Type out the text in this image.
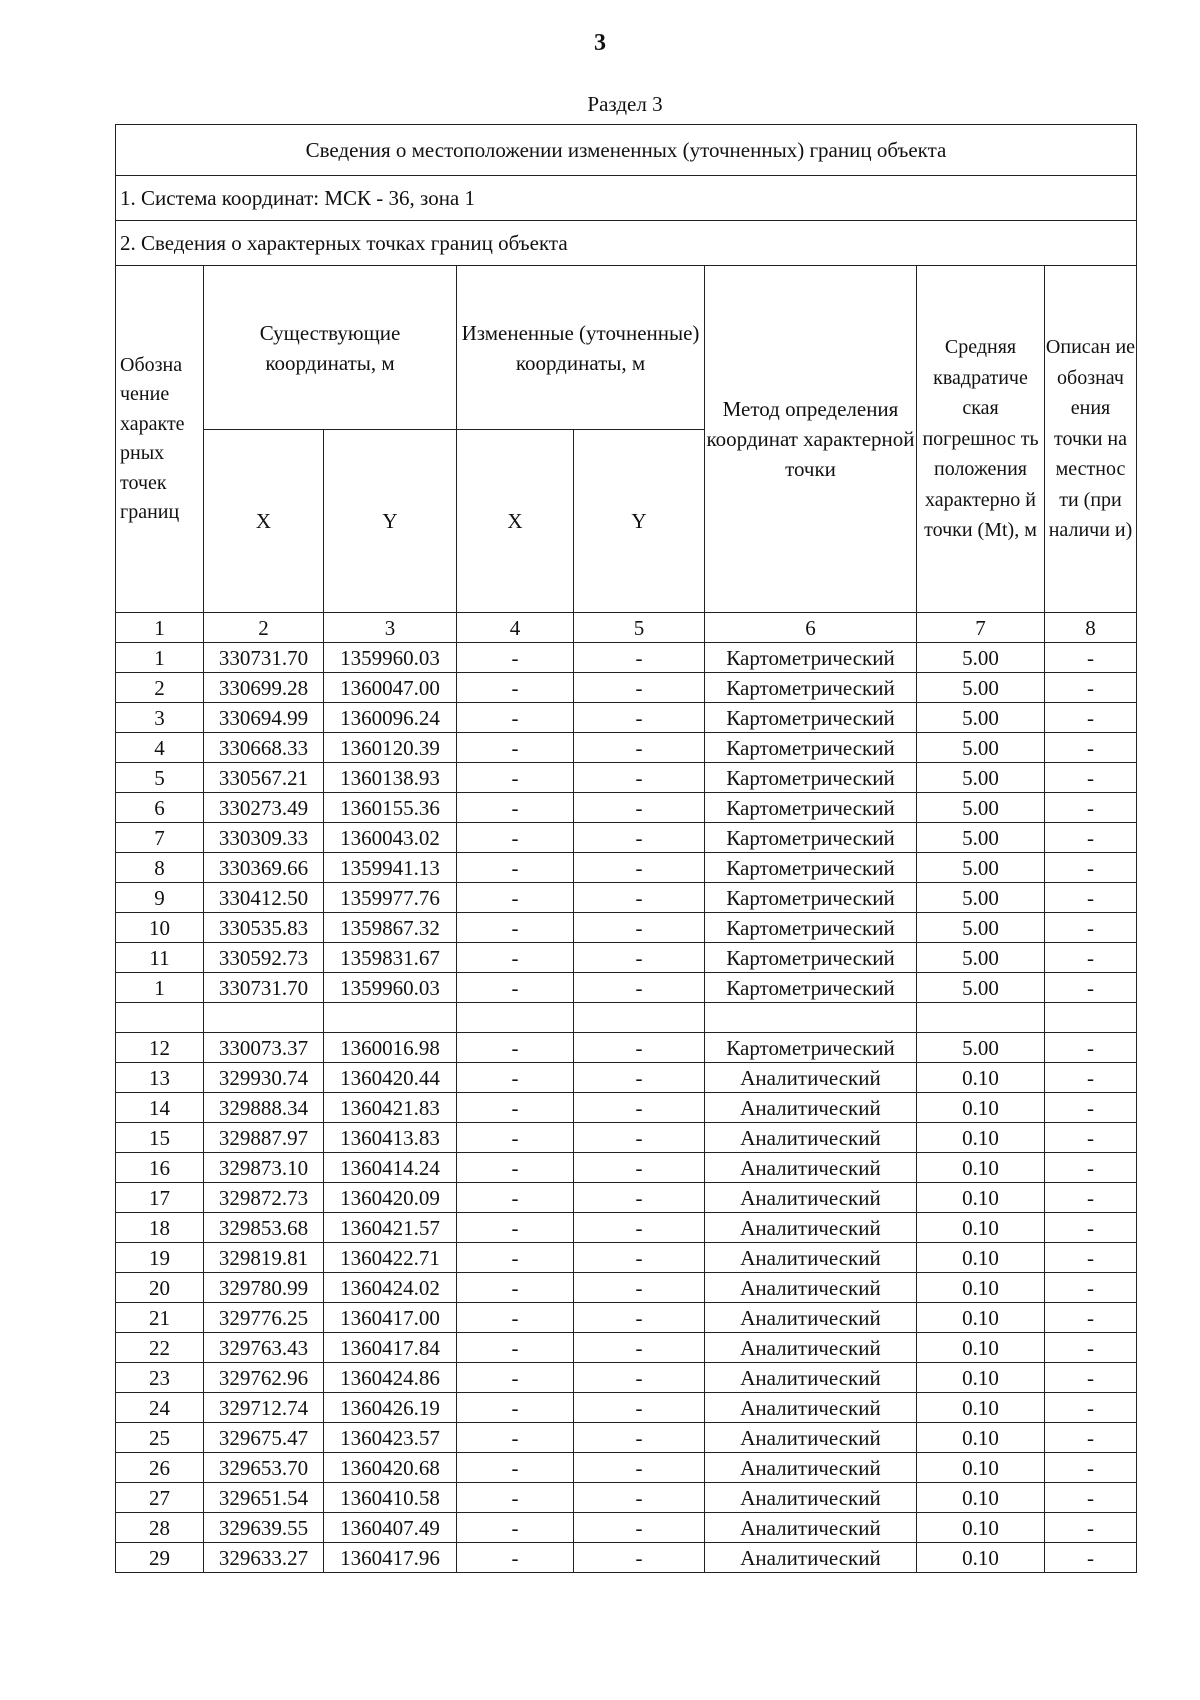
3
Раздел 3
Сведения о местоположении измененных (уточненных) границ объекта							
1. Система координат: МСК - 36, зона 1							
2. Сведения о характерных точках границ объекта							
Обозна чение характе рных точек границ	Существующие координаты, м		Измененные (уточненные) координаты, м		Метод определения координат характерной точки	Средняя квадратиче ская погрешнос ть положения характерно й точки (Mt), м	Описан ие обознач ения точки на местнос ти (при наличи и)
	X	Y	X	Y			
1	2	3	4	5	6	7	8
1	330731.70	1359960.03	-	-	Картометрический	5.00	-
2	330699.28	1360047.00	-	-	Картометрический	5.00	-
3	330694.99	1360096.24	-	-	Картометрический	5.00	-
4	330668.33	1360120.39	-	-	Картометрический	5.00	-
5	330567.21	1360138.93	-	-	Картометрический	5.00	-
6	330273.49	1360155.36	-	-	Картометрический	5.00	-
7	330309.33	1360043.02	-	-	Картометрический	5.00	-
8	330369.66	1359941.13	-	-	Картометрический	5.00	-
9	330412.50	1359977.76	-	-	Картометрический	5.00	-
10	330535.83	1359867.32	-	-	Картометрический	5.00	-
11	330592.73	1359831.67	-	-	Картометрический	5.00	-
1	330731.70	1359960.03	-	-	Картометрический	5.00	-

12	330073.37	1360016.98	-	-	Картометрический	5.00	-
13	329930.74	1360420.44	-	-	Аналитический	0.10	-
14	329888.34	1360421.83	-	-	Аналитический	0.10	-
15	329887.97	1360413.83	-	-	Аналитический	0.10	-
16	329873.10	1360414.24	-	-	Аналитический	0.10	-
17	329872.73	1360420.09	-	-	Аналитический	0.10	-
18	329853.68	1360421.57	-	-	Аналитический	0.10	-
19	329819.81	1360422.71	-	-	Аналитический	0.10	-
20	329780.99	1360424.02	-	-	Аналитический	0.10	-
21	329776.25	1360417.00	-	-	Аналитический	0.10	-
22	329763.43	1360417.84	-	-	Аналитический	0.10	-
23	329762.96	1360424.86	-	-	Аналитический	0.10	-
24	329712.74	1360426.19	-	-	Аналитический	0.10	-
25	329675.47	1360423.57	-	-	Аналитический	0.10	-
26	329653.70	1360420.68	-	-	Аналитический	0.10	-
27	329651.54	1360410.58	-	-	Аналитический	0.10	-
28	329639.55	1360407.49	-	-	Аналитический	0.10	-
29	329633.27	1360417.96	-	-	Аналитический	0.10	-
